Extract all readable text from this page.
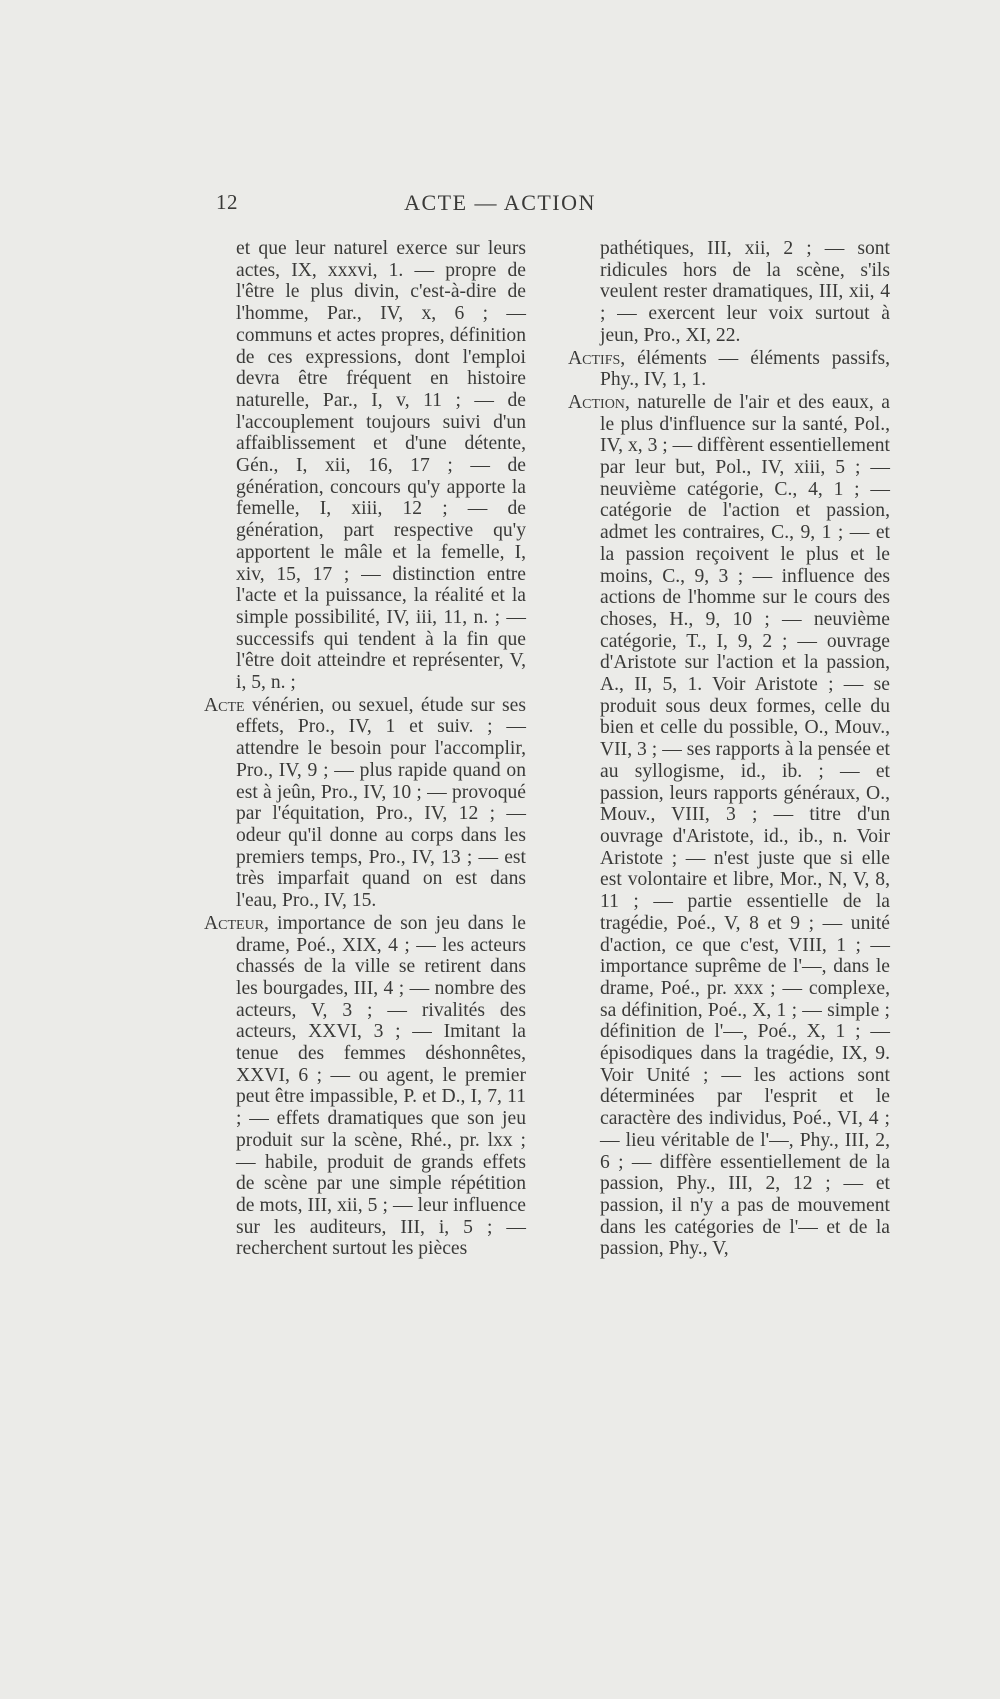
12	ACTE — ACTION

et que leur naturel exerce sur leurs actes, IX, xxxvi, 1. — propre de l'être le plus divin, c'est-à-dire de l'homme, Par., IV, x, 6 ; — communs et actes propres, définition de ces expressions, dont l'emploi devra être fréquent en histoire naturelle, Par., I, v, 11 ; — de l'accouplement toujours suivi d'un affaiblissement et d'une détente, Gén., I, xii, 16, 17 ; — de génération, concours qu'y apporte la femelle, I, xiii, 12 ; — de génération, part respective qu'y apportent le mâle et la femelle, I, xiv, 15, 17 ; — distinction entre l'acte et la puissance, la réalité et la simple possibilité, IV, iii, 11, n. ; — successifs qui tendent à la fin que l'être doit atteindre et représenter, V, i, 5, n. ;

Acte vénérien, ou sexuel, étude sur ses effets, Pro., IV, 1 et suiv. ; — attendre le besoin pour l'accomplir, Pro., IV, 9 ; — plus rapide quand on est à jeûn, Pro., IV, 10 ; — provoqué par l'équitation, Pro., IV, 12 ; — odeur qu'il donne au corps dans les premiers temps, Pro., IV, 13 ; — est très imparfait quand on est dans l'eau, Pro., IV, 15.

Acteur, importance de son jeu dans le drame, Poé., XIX, 4 ; — les acteurs chassés de la ville se retirent dans les bourgades, III, 4 ; — nombre des acteurs, V, 3 ; — rivalités des acteurs, XXVI, 3 ; — Imitant la tenue des femmes déshonnêtes, XXVI, 6 ; — ou agent, le premier peut être impassible, P. et D., I, 7, 11 ; — effets dramatiques que son jeu produit sur la scène, Rhé., pr. lxx ; — habile, produit de grands effets de scène par une simple répétition de mots, III, xii, 5 ; — leur influence sur les auditeurs, III, i, 5 ; — recherchent surtout les pièces

pathétiques, III, xii, 2 ; — sont ridicules hors de la scène, s'ils veulent rester dramatiques, III, xii, 4 ; — exercent leur voix surtout à jeun, Pro., XI, 22.

Actifs, éléments — éléments passifs, Phy., IV, 1, 1.

Action, naturelle de l'air et des eaux, a le plus d'influence sur la santé, Pol., IV, x, 3 ; — diffèrent essentiellement par leur but, Pol., IV, xiii, 5 ; — neuvième catégorie, C., 4, 1 ; — catégorie de l'action et passion, admet les contraires, C., 9, 1 ; — et la passion reçoivent le plus et le moins, C., 9, 3 ; — influence des actions de l'homme sur le cours des choses, H., 9, 10 ; — neuvième catégorie, T., I, 9, 2 ; — ouvrage d'Aristote sur l'action et la passion, A., II, 5, 1. Voir Aristote ; — se produit sous deux formes, celle du bien et celle du possible, O., Mouv., VII, 3 ; — ses rapports à la pensée et au syllogisme, id., ib. ; — et passion, leurs rapports généraux, O., Mouv., VIII, 3 ; — titre d'un ouvrage d'Aristote, id., ib., n. Voir Aristote ; — n'est juste que si elle est volontaire et libre, Mor., N, V, 8, 11 ; — partie essentielle de la tragédie, Poé., V, 8 et 9 ; — unité d'action, ce que c'est, VIII, 1 ; — importance suprême de l'—, dans le drame, Poé., pr. xxx ; — complexe, sa définition, Poé., X, 1 ; — simple ; définition de l'—, Poé., X, 1 ; — épisodiques dans la tragédie, IX, 9. Voir Unité ; — les actions sont déterminées par l'esprit et le caractère des individus, Poé., VI, 4 ; — lieu véritable de l'—, Phy., III, 2, 6 ; — diffère essentiellement de la passion, Phy., III, 2, 12 ; — et passion, il n'y a pas de mouvement dans les catégories de l'— et de la passion, Phy., V,
